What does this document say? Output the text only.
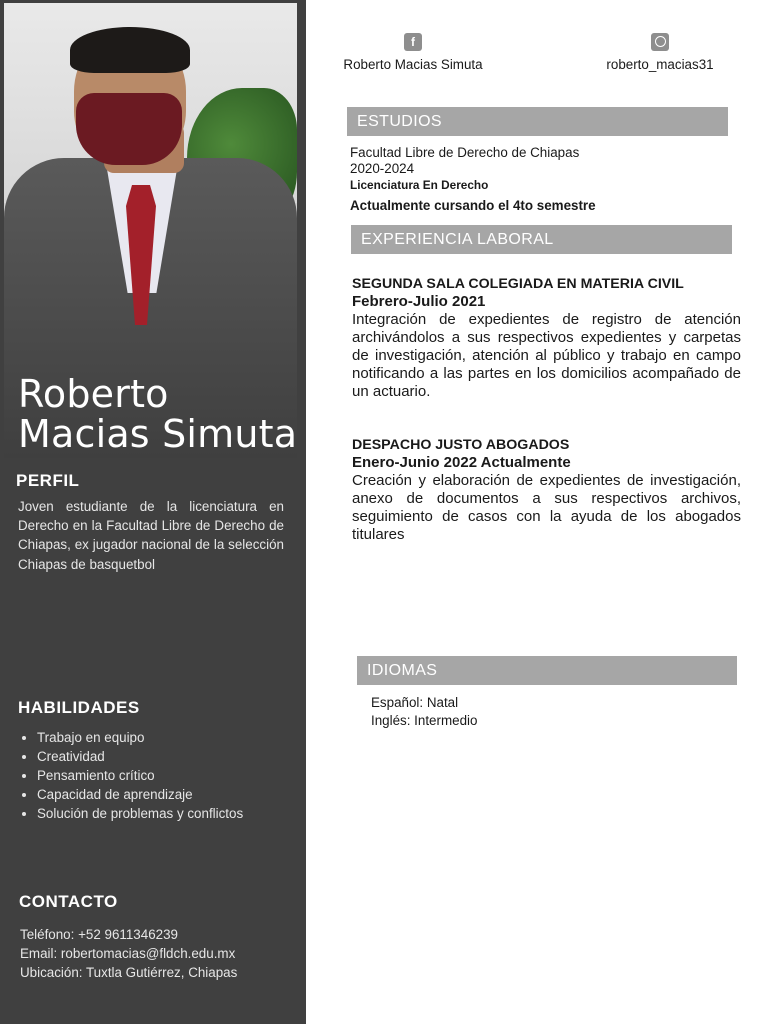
Roberto
Macias Simuta
PERFIL
Joven estudiante de la licenciatura en Derecho en la Facultad Libre de Derecho de Chiapas, ex jugador nacional de la selección Chiapas de basquetbol
HABILIDADES
• Trabajo en equipo
• Creatividad
• Pensamiento crítico
• Capacidad de aprendizaje
• Solución de problemas y conflictos
CONTACTO
Teléfono: +52 9611346239
Email: robertomacias@fldch.edu.mx
Ubicación: Tuxtla Gutiérrez, Chiapas
f
Roberto Macias Simuta	roberto_macias31
ESTUDIOS
Facultad Libre de Derecho de Chiapas
2020-2024
Licenciatura En Derecho
Actualmente cursando el 4to semestre
EXPERIENCIA LABORAL
SEGUNDA SALA COLEGIADA EN MATERIA CIVIL
Febrero-Julio 2021
Integración de expedientes de registro de atención archivándolos a sus respectivos expedientes y carpetas de investigación, atención al público y trabajo en campo notificando a las partes en los domicilios acompañado de un actuario.
DESPACHO JUSTO ABOGADOS
Enero-Junio 2022 Actualmente
Creación y elaboración de expedientes de investigación, anexo de documentos a sus respectivos archivos, seguimiento de casos con la ayuda de los abogados titulares
IDIOMAS
Español: Natal
Inglés: Intermedio
